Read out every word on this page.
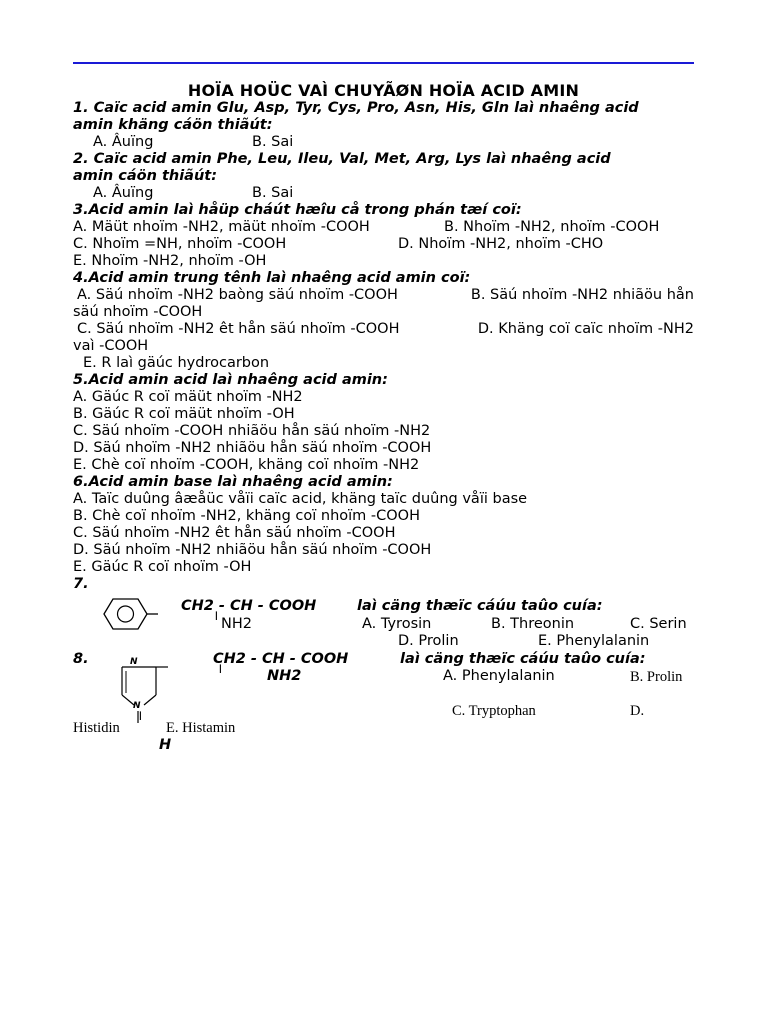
HOÏA HOÜC VAÌ CHUYÃØN HOÏA ACID AMIN
1. Caïc acid amin Glu, Asp, Tyr, Cys, Pro, Asn, His, Gln laì nhaêng acid
amin khäng cáön thiãút:
A. Âuïng	B. Sai
2. Caïc acid amin Phe, Leu, Ileu, Val, Met, Arg, Lys laì nhaêng acid
amin cáön thiãút:
A. Âuïng	B. Sai
3.Acid amin laì håüp cháút hæîu cå trong phán tæí coï:
A. Mäüt nhoïm -NH2, mäüt nhoïm -COOH	B. Nhoïm -NH2, nhoïm -COOH
C. Nhoïm =NH, nhoïm -COOH	D. Nhoïm -NH2, nhoïm -CHO
E. Nhoïm -NH2, nhoïm -OH
4.Acid amin trung tênh laì nhaêng acid amin coï:
A. Säú nhoïm -NH2 baòng säú nhoïm -COOH	B. Säú nhoïm -NH2 nhiãöu hån
säú nhoïm -COOH
C. Säú nhoïm -NH2 êt hån säú nhoïm -COOH	D. Khäng coï caïc nhoïm -NH2
vaì -COOH
E. R laì gäúc hydrocarbon
5.Acid amin acid laì nhaêng acid amin:
A. Gäúc R coï mäüt nhoïm -NH2
B. Gäúc R coï mäüt nhoïm -OH
C. Säú nhoïm -COOH nhiãöu hån säú nhoïm -NH2
D. Säú nhoïm -NH2 nhiãöu hån säú nhoïm -COOH
E. Chè coï nhoïm -COOH, khäng coï nhoïm -NH2
6.Acid amin base laì nhaêng acid amin:
A. Taïc duûng âæåüc våïi caïc acid, khäng taïc duûng våïi base
B. Chè coï nhoïm -NH2, khäng coï nhoïm -COOH
C. Säú nhoïm -NH2 êt hån säú nhoïm -COOH
D. Säú nhoïm -NH2 nhiãöu hån säú nhoïm -COOH
E. Gäúc R coï nhoïm -OH
7.
CH2 - CH - COOH	laì cäng thæïc cáúu taûo cuía:
╵ NH2	A. Tyrosin	B. Threonin	C. Serin
D. Prolin	E. Phenylalanin
8.	N
N
CH2 - CH - COOH	laì cäng thæïc cáúu taûo cuía:
╵	NH2	A. Phenylalanin	B. Prolin
C. Tryptophan	D.
Histidin ╵ E. Histamin
H
